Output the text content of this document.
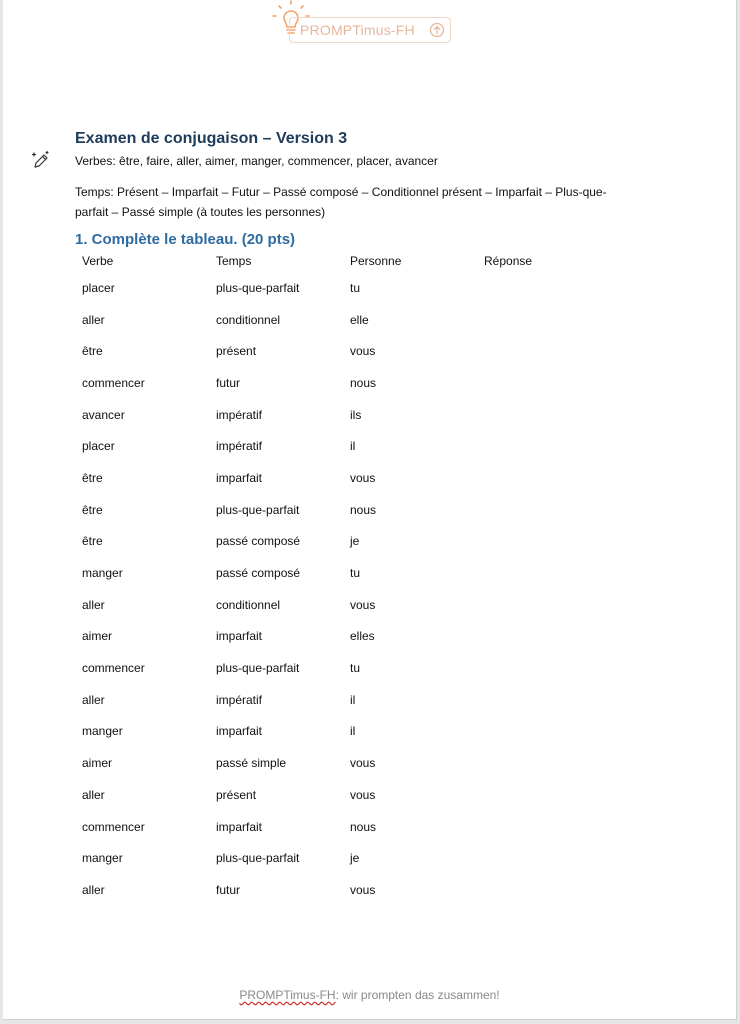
PROMPTimus-FH
Examen de conjugaison – Version 3
Verbes: être, faire, aller, aimer, manger, commencer, placer, avancer
Temps: Présent – Imparfait – Futur – Passé composé – Conditionnel présent – Imparfait – Plus-que-parfait – Passé simple (à toutes les personnes)
1. Complète le tableau. (20 pts)
Verbe	Temps	Personne	Réponse
placer	plus-que-parfait	tu	
aller	conditionnel	elle	
être	présent	vous	
commencer	futur	nous	
avancer	impératif	ils	
placer	impératif	il	
être	imparfait	vous	
être	plus-que-parfait	nous	
être	passé composé	je	
manger	passé composé	tu	
aller	conditionnel	vous	
aimer	imparfait	elles	
commencer	plus-que-parfait	tu	
aller	impératif	il	
manger	imparfait	il	
aimer	passé simple	vous	
aller	présent	vous	
commencer	imparfait	nous	
manger	plus-que-parfait	je	
aller	futur	vous	
PROMPTimus-FH: wir prompten das zusammen!
